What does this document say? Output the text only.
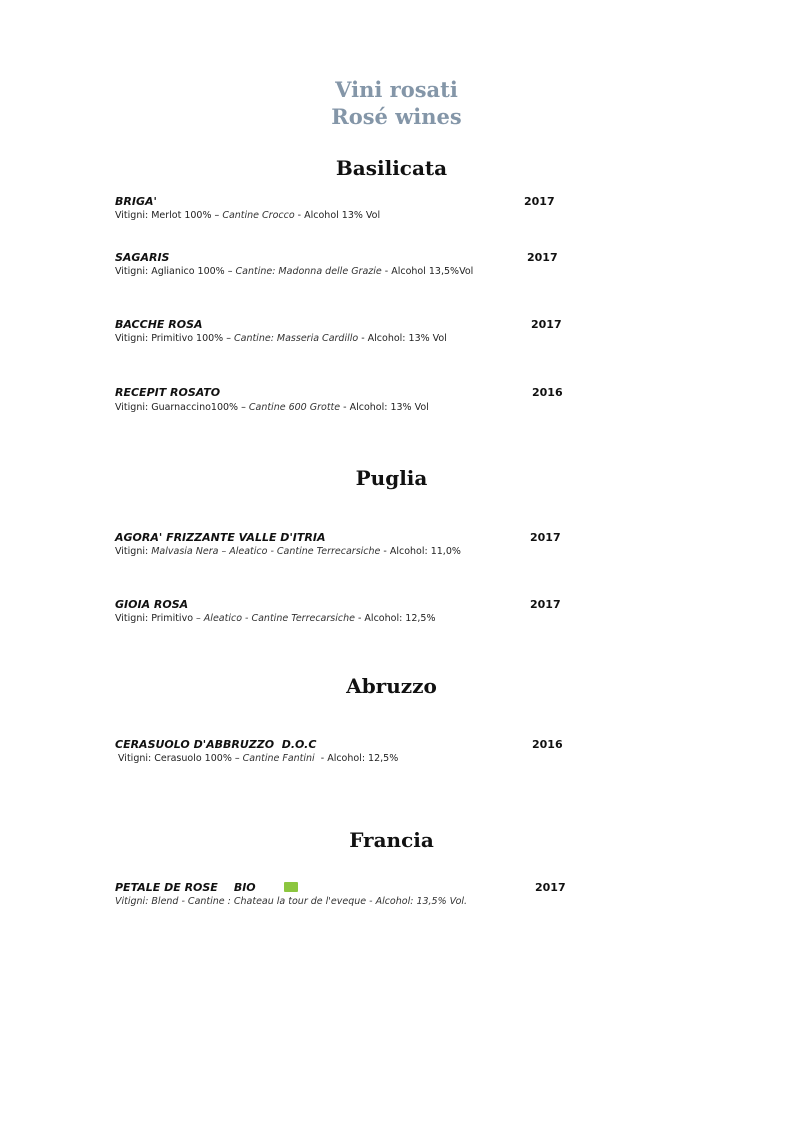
Vini rosati
Rosé wines
Basilicata
BRIGA'	2017
Vitigni: Merlot 100% – Cantine Crocco - Alcohol 13% Vol
SAGARIS	2017
Vitigni: Aglianico 100% – Cantine: Madonna delle Grazie - Alcohol 13,5%Vol
BACCHE ROSA	2017
Vitigni: Primitivo 100% – Cantine: Masseria Cardillo - Alcohol: 13% Vol
RECEPIT ROSATO	2016
Vitigni: Guarnaccino100% – Cantine 600 Grotte - Alcohol: 13% Vol
Puglia
AGORA' FRIZZANTE VALLE D'ITRIA	2017
Vitigni: Malvasia Nera – Aleatico - Cantine Terrecarsiche - Alcohol: 11,0%
GIOIA ROSA	2017
Vitigni: Primitivo – Aleatico - Cantine Terrecarsiche - Alcohol: 12,5%
Abruzzo
CERASUOLO D'ABBRUZZO  D.O.C	2016
Vitigni: Cerasuolo 100% – Cantine Fantini  - Alcohol: 12,5%
Francia
PETALE DE ROSE BIO	2017
Vitigni: Blend - Cantine : Chateau la tour de l'eveque - Alcohol: 13,5% Vol.
